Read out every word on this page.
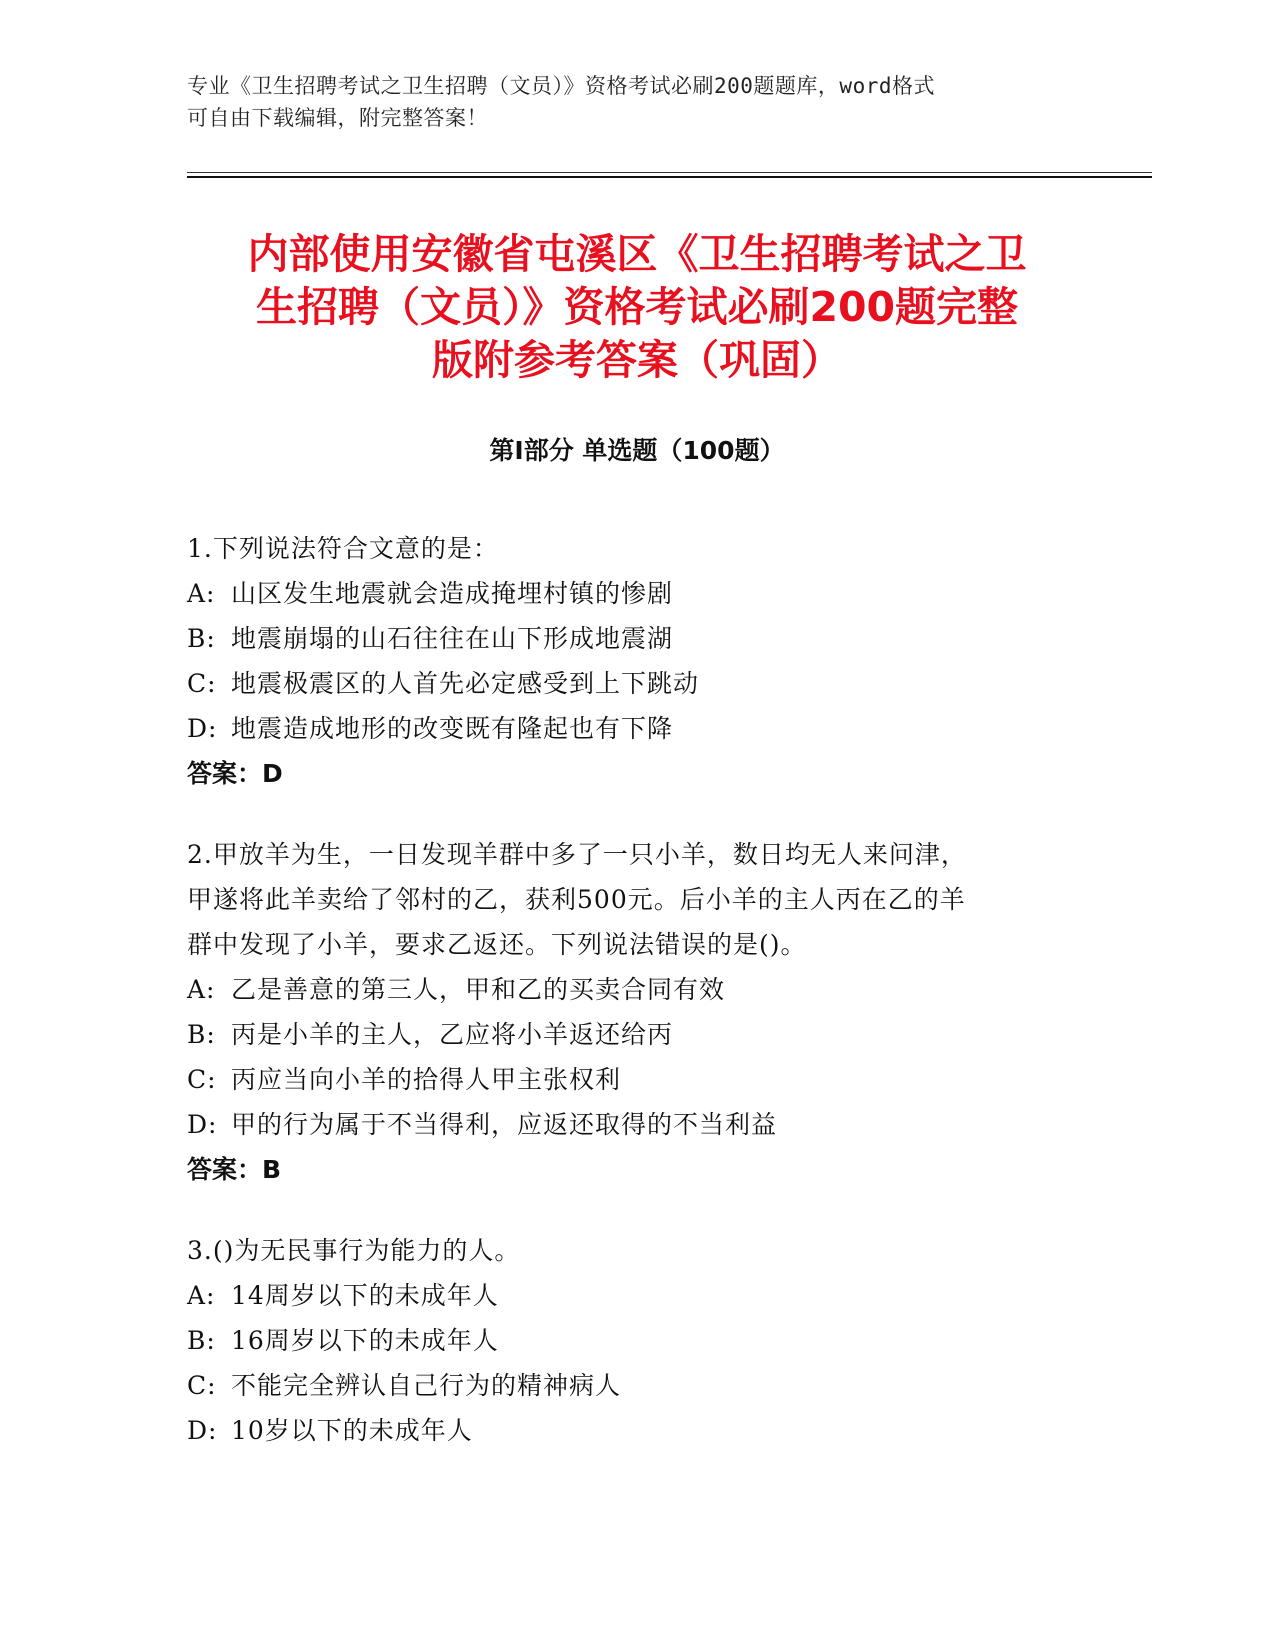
专业《卫生招聘考试之卫生招聘（文员）》资格考试必刷200题题库，word格式
可自由下载编辑，附完整答案！
内部使用安徽省屯溪区《卫生招聘考试之卫
生招聘（文员）》资格考试必刷200题完整
版附参考答案（巩固）
第Ⅰ部分 单选题（100题）
1.下列说法符合文意的是：
A: 山区发生地震就会造成掩埋村镇的惨剧
B: 地震崩塌的山石往往在山下形成地震湖
C: 地震极震区的人首先必定感受到上下跳动
D: 地震造成地形的改变既有隆起也有下降
答案：D
2.甲放羊为生，一日发现羊群中多了一只小羊，数日均无人来问津，
甲遂将此羊卖给了邻村的乙，获利500元。后小羊的主人丙在乙的羊
群中发现了小羊，要求乙返还。下列说法错误的是()。
A: 乙是善意的第三人，甲和乙的买卖合同有效
B: 丙是小羊的主人，乙应将小羊返还给丙
C: 丙应当向小羊的拾得人甲主张权利
D: 甲的行为属于不当得利，应返还取得的不当利益
答案：B
3.()为无民事行为能力的人。
A: 14周岁以下的未成年人
B: 16周岁以下的未成年人
C: 不能完全辨认自己行为的精神病人
D: 10岁以下的未成年人
